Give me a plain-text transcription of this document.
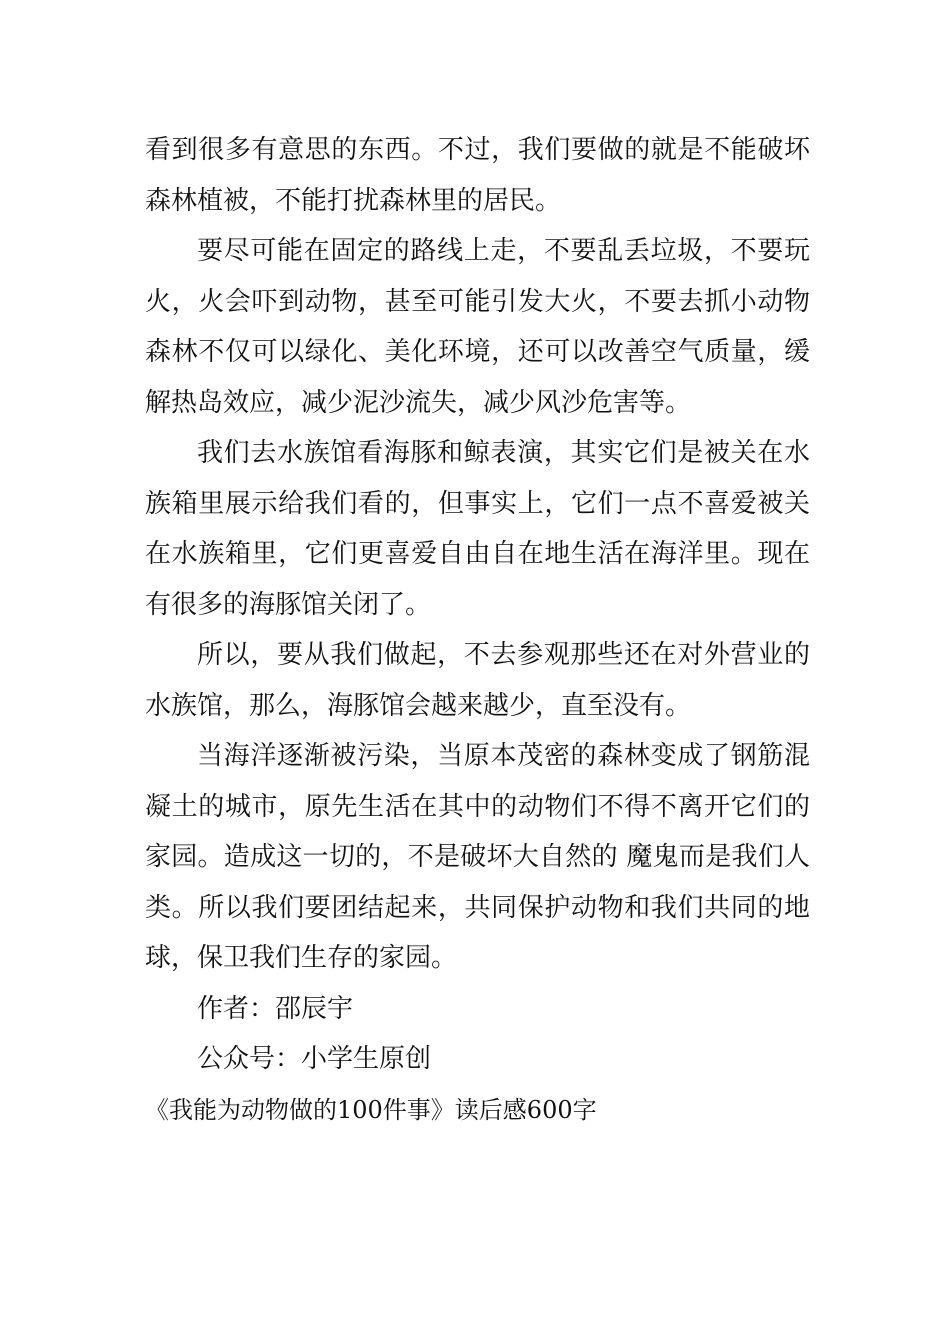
看到很多有意思的东西。不过，我们要做的就是不能破坏森林植被，不能打扰森林里的居民。

要尽可能在固定的路线上走，不要乱丢垃圾，不要玩火，火会吓到动物，甚至可能引发大火，不要去抓小动物森林不仅可以绿化、美化环境，还可以改善空气质量，缓解热岛效应，减少泥沙流失，减少风沙危害等。

我们去水族馆看海豚和鲸表演，其实它们是被关在水族箱里展示给我们看的，但事实上，它们一点不喜爱被关在水族箱里，它们更喜爱自由自在地生活在海洋里。现在有很多的海豚馆关闭了。

所以，要从我们做起，不去参观那些还在对外营业的水族馆，那么，海豚馆会越来越少，直至没有。

当海洋逐渐被污染，当原本茂密的森林变成了钢筋混凝土的城市，原先生活在其中的动物们不得不离开它们的家园。造成这一切的，不是破坏大自然的 魔鬼而是我们人类。所以我们要团结起来，共同保护动物和我们共同的地球，保卫我们生存的家园。

作者：邵辰宇

公众号：小学生原创

《我能为动物做的100件事》读后感600字
